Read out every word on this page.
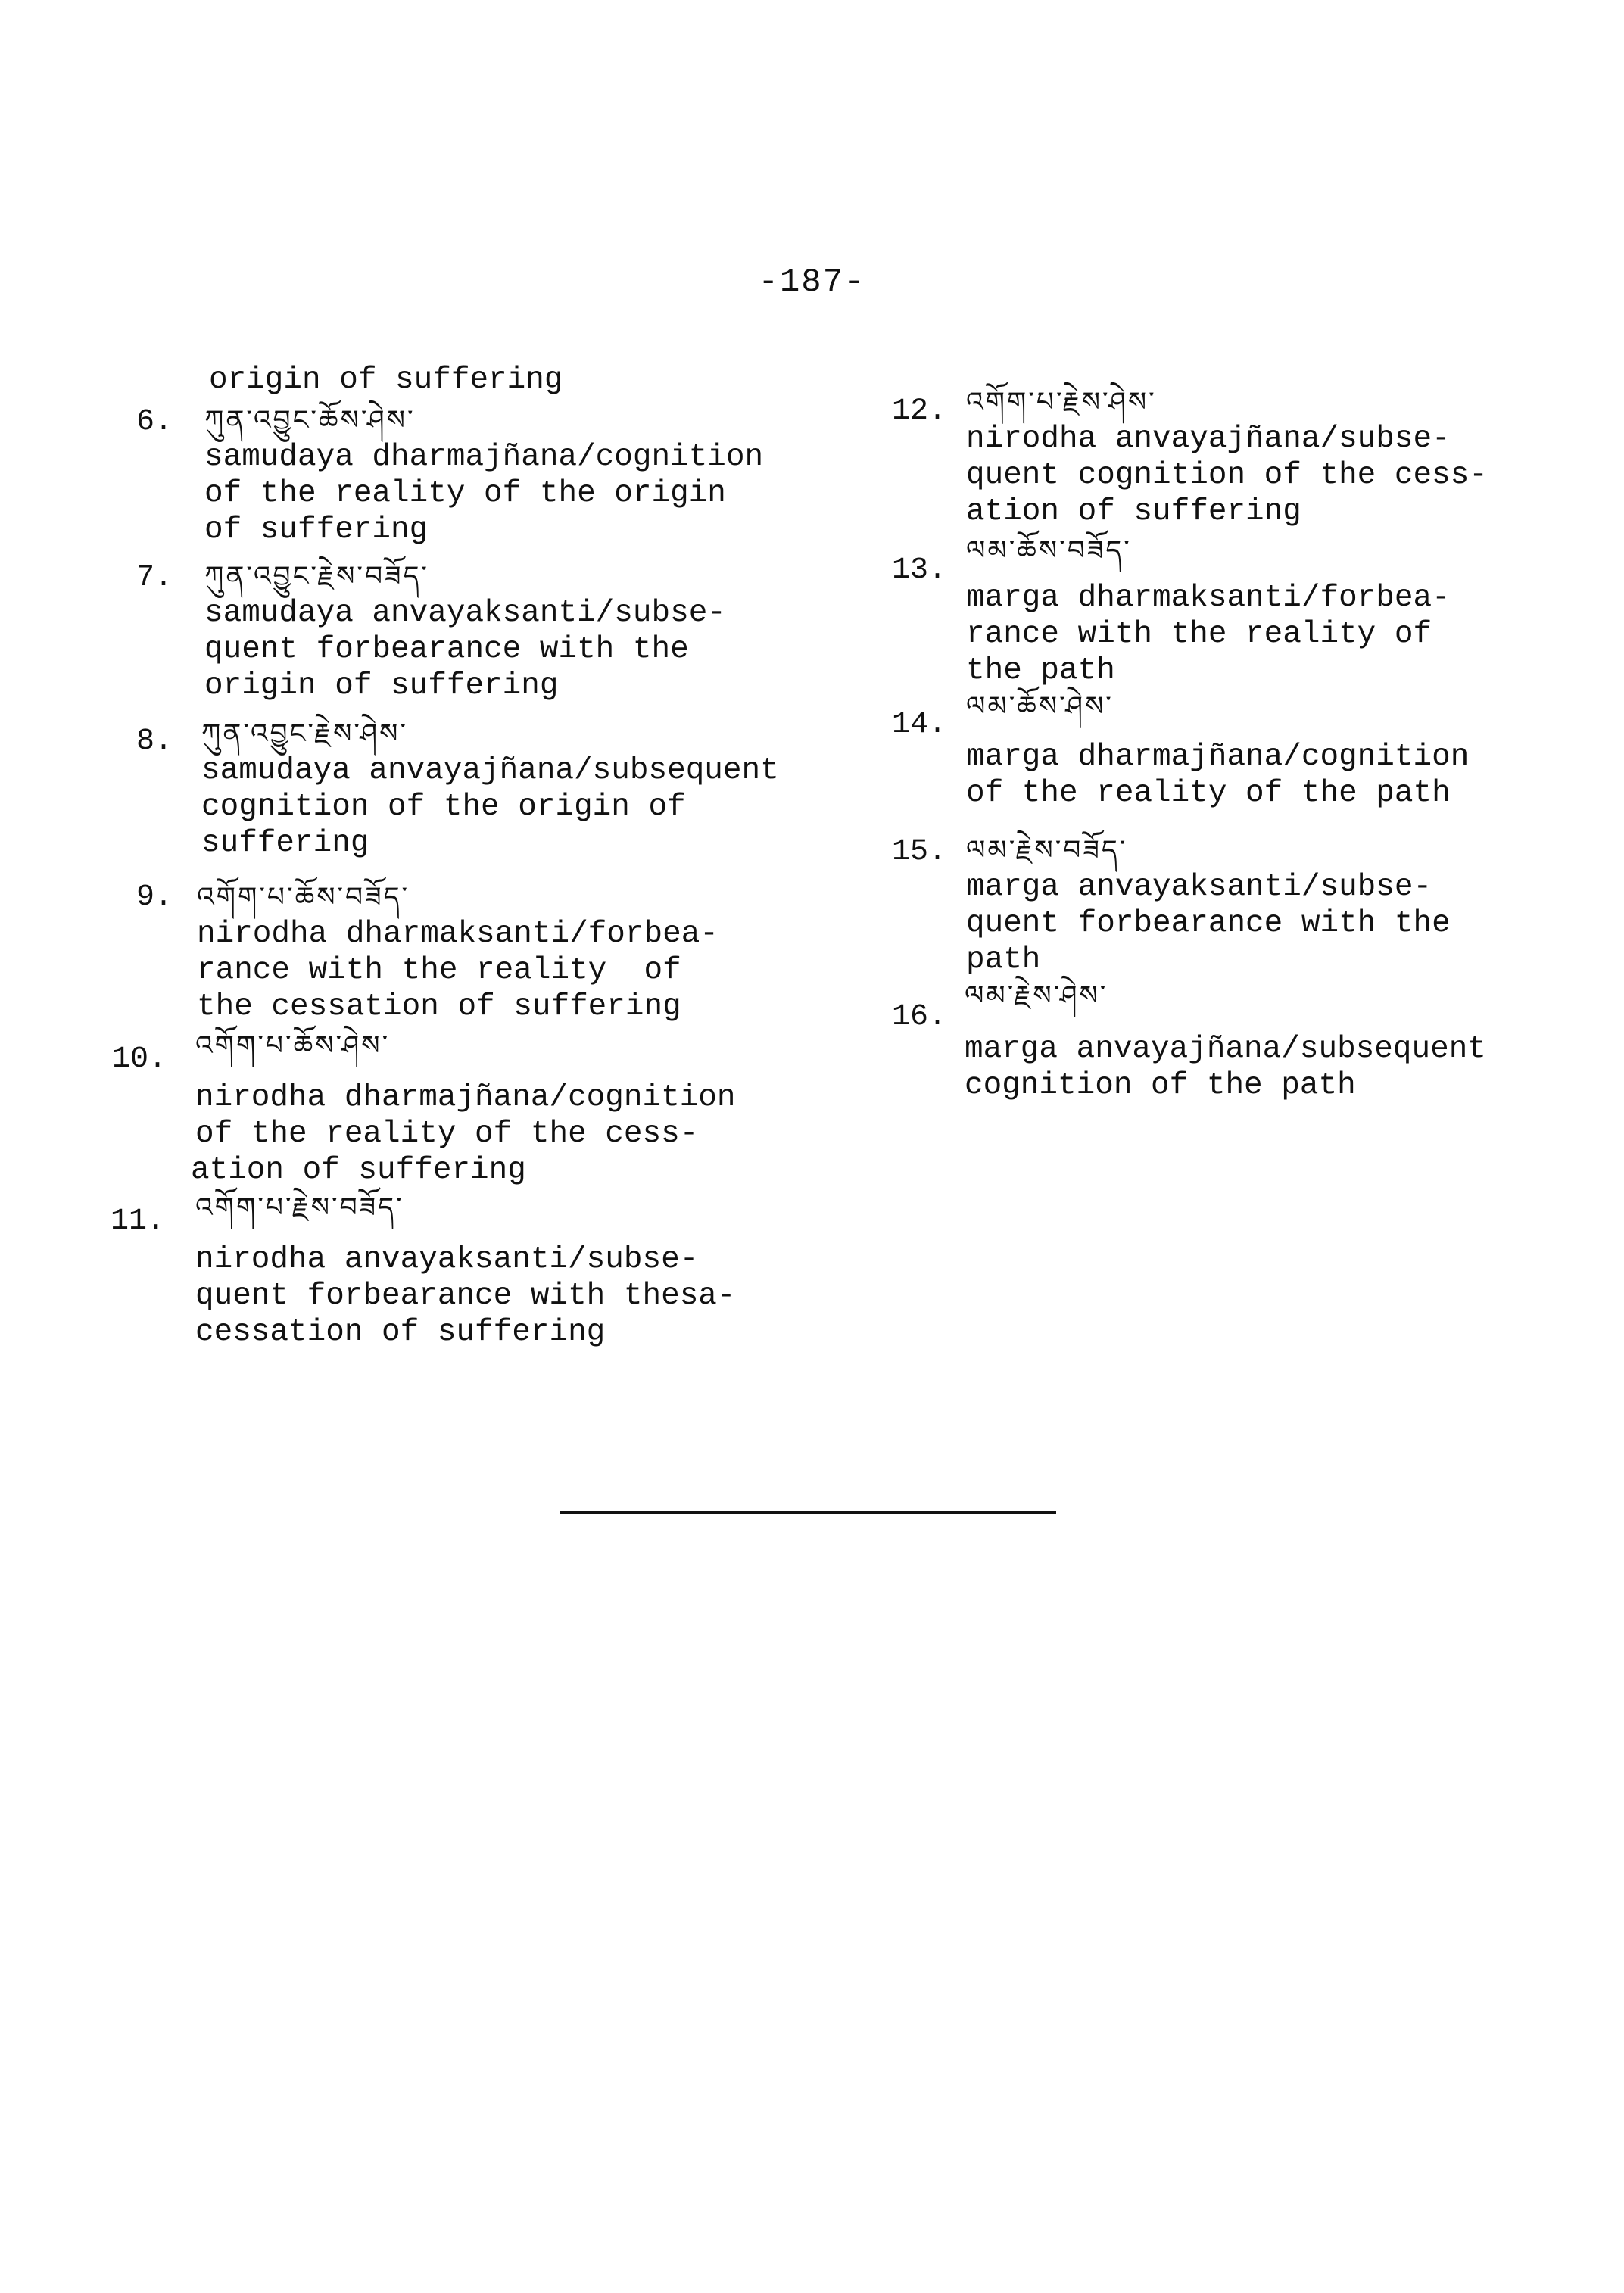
-187-
origin of suffering
6. ཀུན་འབྱུང་ཆོས་ཤེས་
samudaya dharmajñana/cognition
of the reality of the origin
of suffering
7. ཀུན་འབྱུང་རྗེས་བཟོད་
samudaya anvayaksanti/subse-
quent forbearance with the
origin of suffering
8. ཀུན་འབྱུང་རྗེས་ཤེས་
samudaya anvayajñana/subsequent
cognition of the origin of
suffering
9. འགོག་པ་ཆོས་བཟོད་
nirodha dharmaksanti/forbea-
rance with the reality  of
the cessation of suffering
10. འགོག་པ་ཆོས་ཤེས་
nirodha dharmajñana/cognition
of the reality of the cess-
ation of suffering
11. འགོག་པ་རྗེས་བཟོད་
nirodha anvayaksanti/subse-
quent forbearance with thesa-
cessation of suffering
12. འགོག་པ་རྗེས་ཤེས་
nirodha anvayajñana/subse-
quent cognition of the cess-
ation of suffering
13.
ལམ་ཆོས་བཟོད་
marga dharmaksanti/forbea-
rance with the reality of
the path
14.
ལམ་ཆོས་ཤེས་
marga dharmajñana/cognition
of the reality of the path
15. ལམ་རྗེས་བཟོད་
marga anvayaksanti/subse-
quent forbearance with the
path
16.
ལམ་རྗེས་ཤེས་
marga anvayajñana/subsequent
cognition of the path
